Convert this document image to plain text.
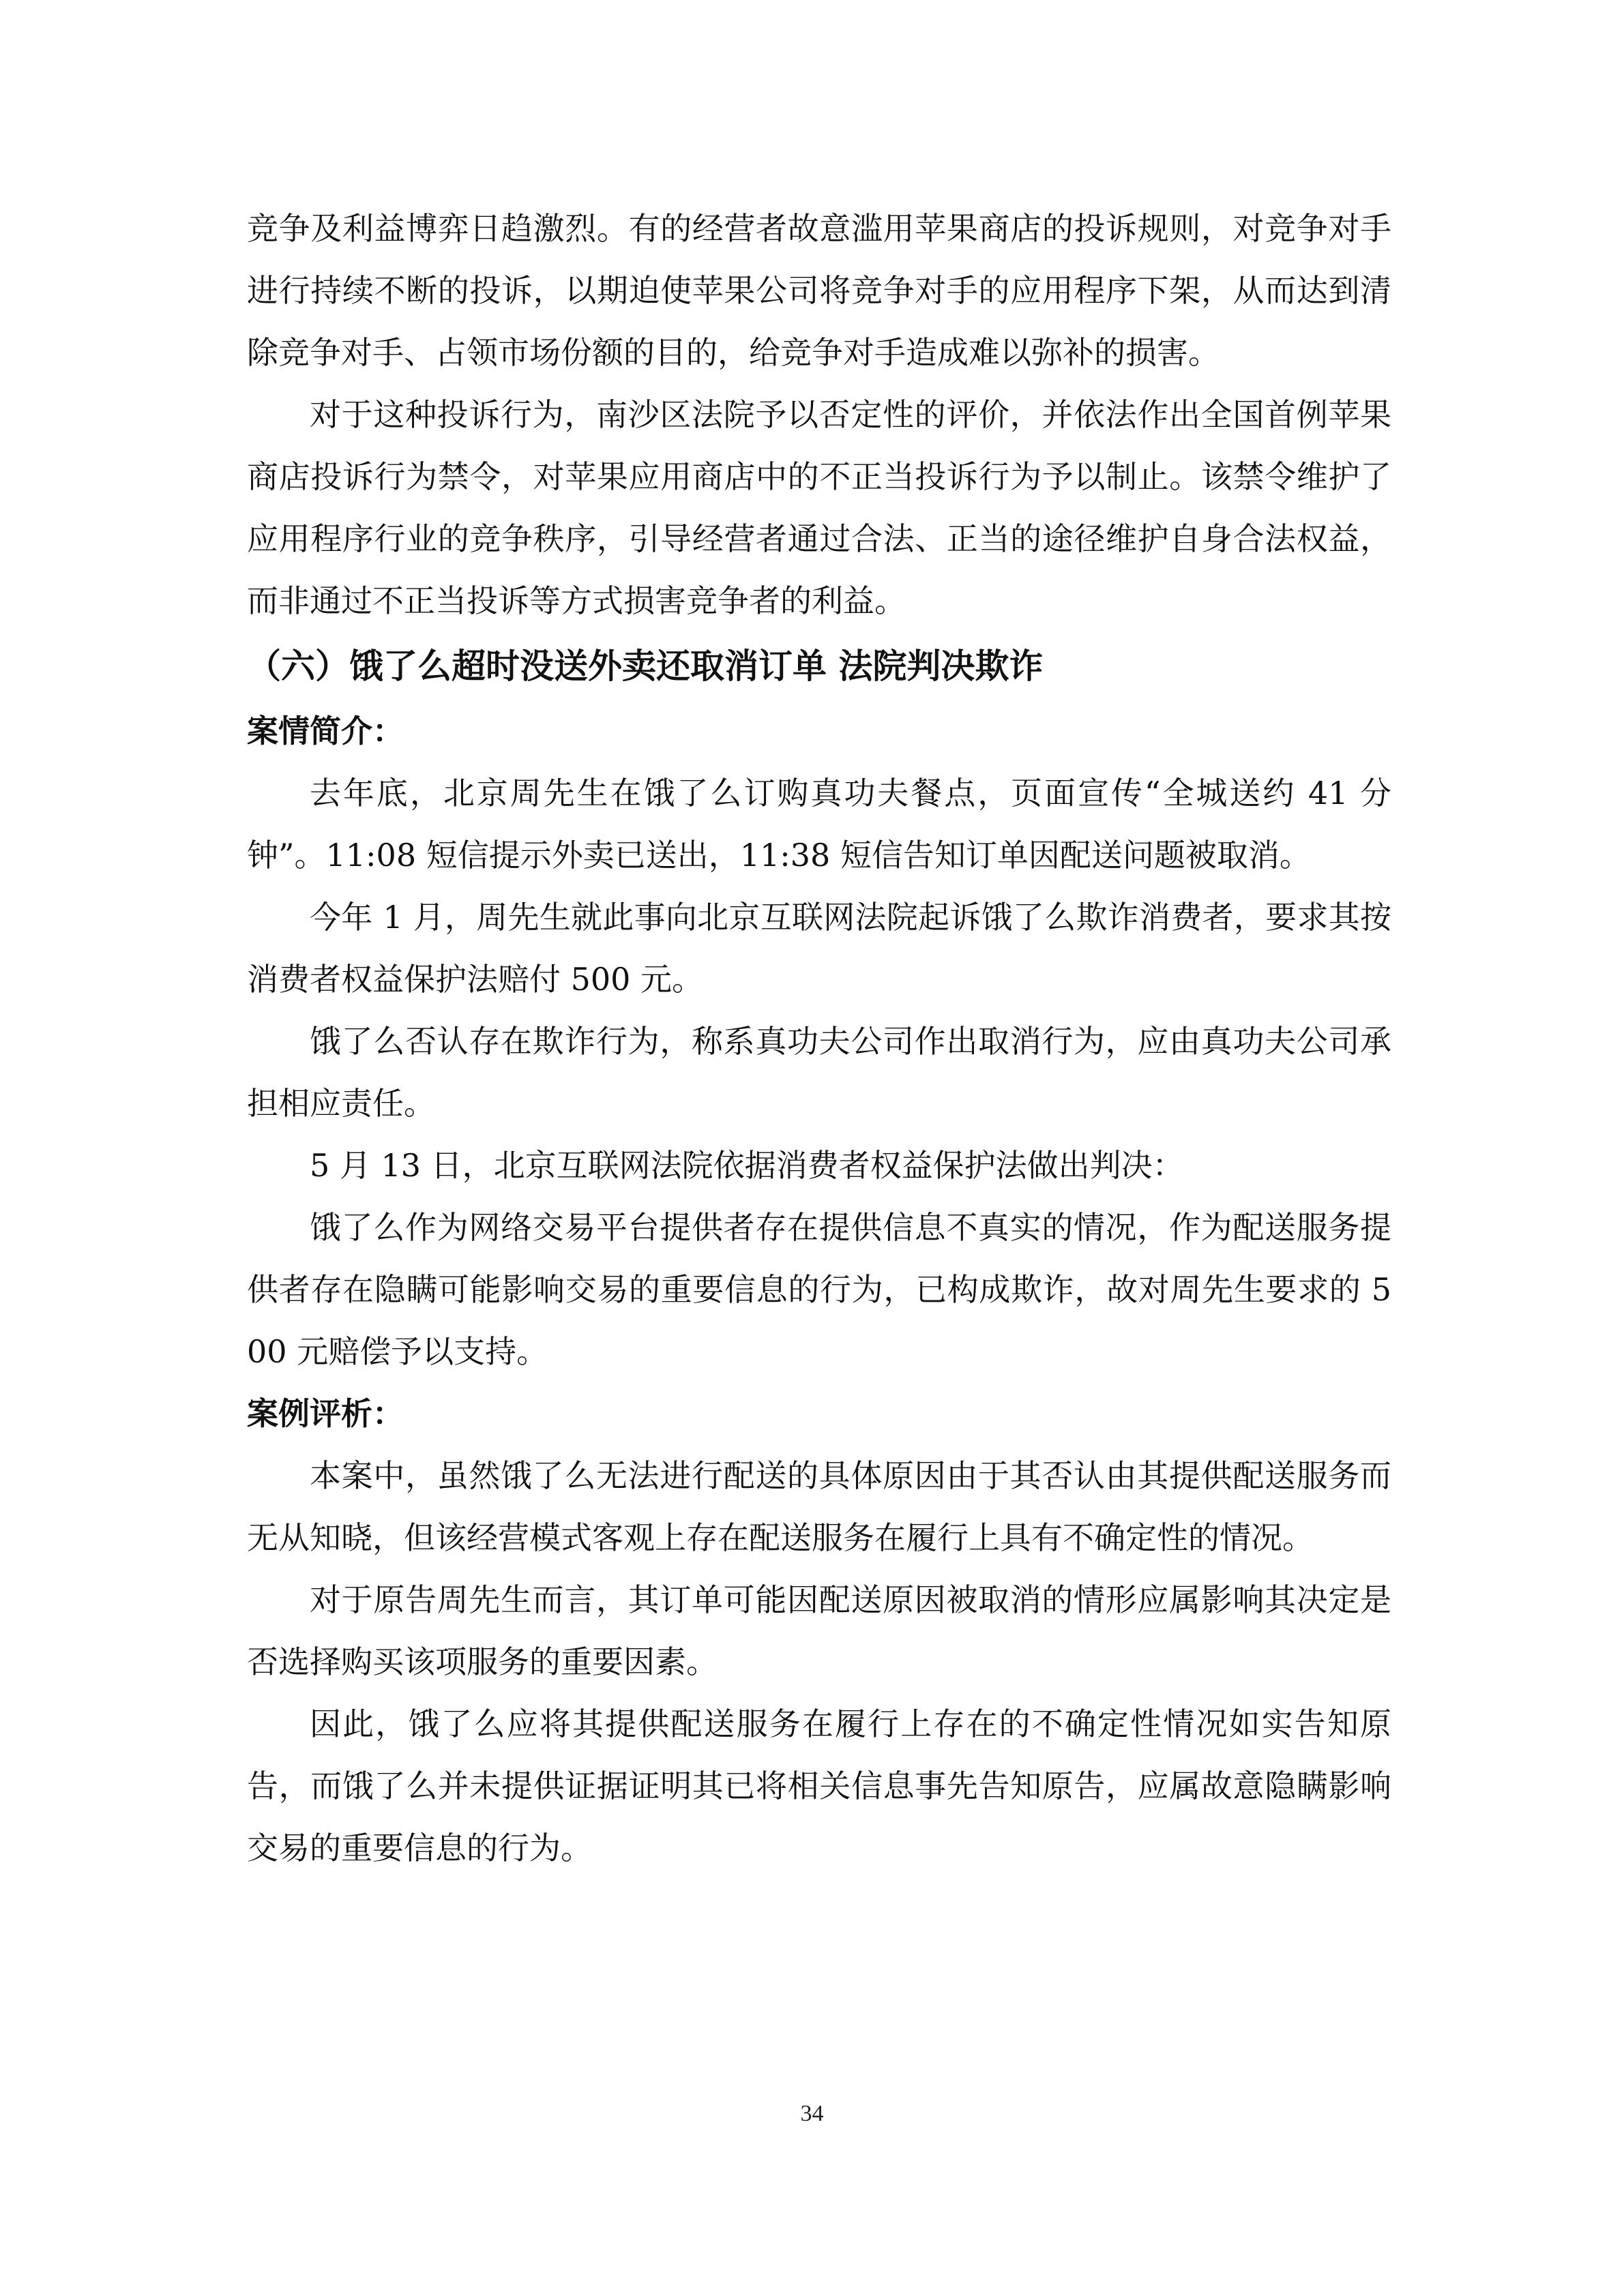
竞争及利益博弈日趋激烈。有的经营者故意滥用苹果商店的投诉规则，对竞争对手进行持续不断的投诉，以期迫使苹果公司将竞争对手的应用程序下架，从而达到清除竞争对手、占领市场份额的目的，给竞争对手造成难以弥补的损害。

对于这种投诉行为，南沙区法院予以否定性的评价，并依法作出全国首例苹果商店投诉行为禁令，对苹果应用商店中的不正当投诉行为予以制止。该禁令维护了应用程序行业的竞争秩序，引导经营者通过合法、正当的途径维护自身合法权益，而非通过不正当投诉等方式损害竞争者的利益。

（六）饿了么超时没送外卖还取消订单 法院判决欺诈

案情简介：

去年底，北京周先生在饿了么订购真功夫餐点，页面宣传“全城送约 41 分钟”。11:08 短信提示外卖已送出，11:38 短信告知订单因配送问题被取消。

今年 1 月，周先生就此事向北京互联网法院起诉饿了么欺诈消费者，要求其按消费者权益保护法赔付 500 元。

饿了么否认存在欺诈行为，称系真功夫公司作出取消行为，应由真功夫公司承担相应责任。

5 月 13 日，北京互联网法院依据消费者权益保护法做出判决：

饿了么作为网络交易平台提供者存在提供信息不真实的情况，作为配送服务提供者存在隐瞒可能影响交易的重要信息的行为，已构成欺诈，故对周先生要求的 500 元赔偿予以支持。

案例评析：

本案中，虽然饿了么无法进行配送的具体原因由于其否认由其提供配送服务而无从知晓，但该经营模式客观上存在配送服务在履行上具有不确定性的情况。

对于原告周先生而言，其订单可能因配送原因被取消的情形应属影响其决定是否选择购买该项服务的重要因素。

因此，饿了么应将其提供配送服务在履行上存在的不确定性情况如实告知原告，而饿了么并未提供证据证明其已将相关信息事先告知原告，应属故意隐瞒影响交易的重要信息的行为。

34
